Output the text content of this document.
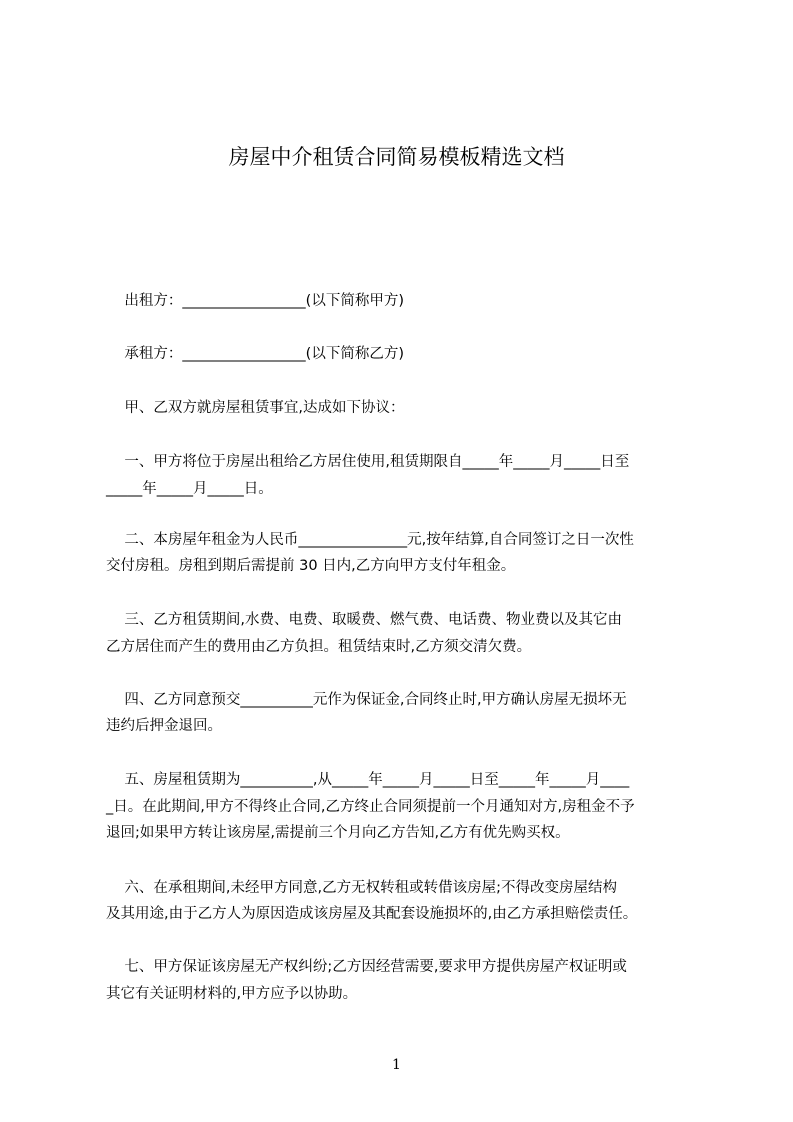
房屋中介租赁合同简易模板精选文档
出租方：_________________(以下简称甲方)
承租方：_________________(以下简称乙方)
甲、乙双方就房屋租赁事宜,达成如下协议：
一、甲方将位于房屋出租给乙方居住使用,租赁期限自_____年_____月_____日至
_____年_____月_____日。
二、本房屋年租金为人民币_______________元,按年结算,自合同签订之日一次性
交付房租。房租到期后需提前 30 日内,乙方向甲方支付年租金。
三、乙方租赁期间,水费、电费、取暖费、燃气费、电话费、物业费以及其它由
乙方居住而产生的费用由乙方负担。租赁结束时,乙方须交清欠费。
四、乙方同意预交__________元作为保证金,合同终止时,甲方确认房屋无损坏无
违约后押金退回。
五、房屋租赁期为__________,从_____年_____月_____日至_____年_____月____
_日。在此期间,甲方不得终止合同,乙方终止合同须提前一个月通知对方,房租金不予
退回;如果甲方转让该房屋,需提前三个月向乙方告知,乙方有优先购买权。
六、在承租期间,未经甲方同意,乙方无权转租或转借该房屋;不得改变房屋结构
及其用途,由于乙方人为原因造成该房屋及其配套设施损坏的,由乙方承担赔偿责任。
七、甲方保证该房屋无产权纠纷;乙方因经营需要,要求甲方提供房屋产权证明或
其它有关证明材料的,甲方应予以协助。
1
